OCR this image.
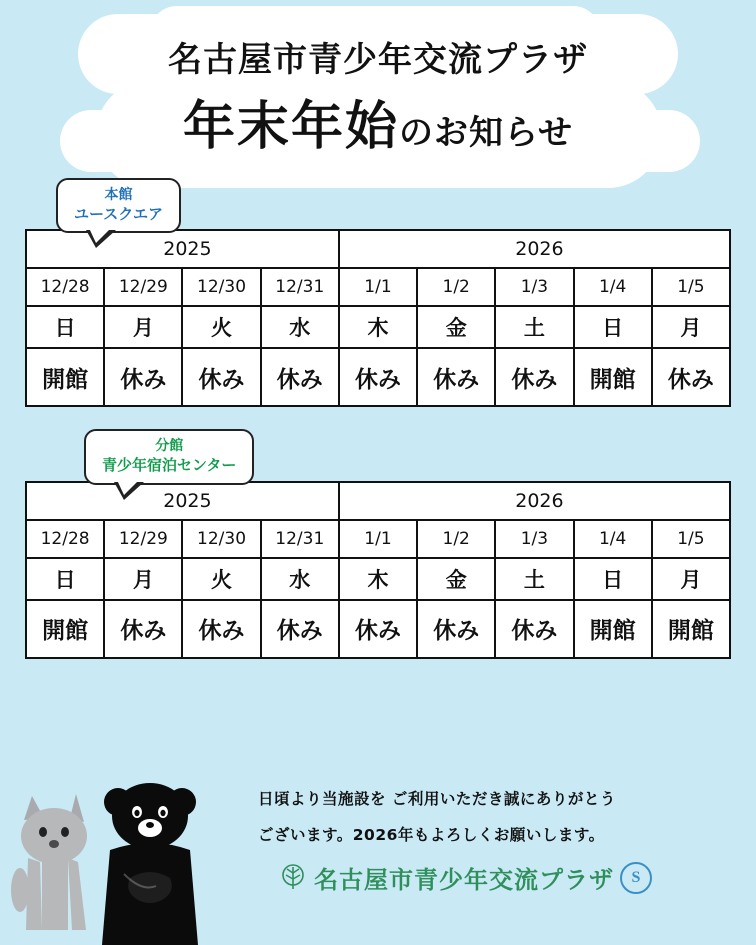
名古屋市青少年交流プラザ
年末年始のお知らせ
本館
ユースクエア
2025				2026				
12/28	12/29	12/30	12/31	1/1	1/2	1/3	1/4	1/5
日	月	火	水	木	金	土	日	月
開館	休み	休み	休み	休み	休み	休み	開館	休み
分館
青少年宿泊センター
2025				2026				
12/28	12/29	12/30	12/31	1/1	1/2	1/3	1/4	1/5
日	月	火	水	木	金	土	日	月
開館	休み	休み	休み	休み	休み	休み	開館	開館

日頃より当施設を ご利用いただき誠にありがとう

ございます。2026年もよろしくお願いします。

名古屋市青少年交流プラザ	S
